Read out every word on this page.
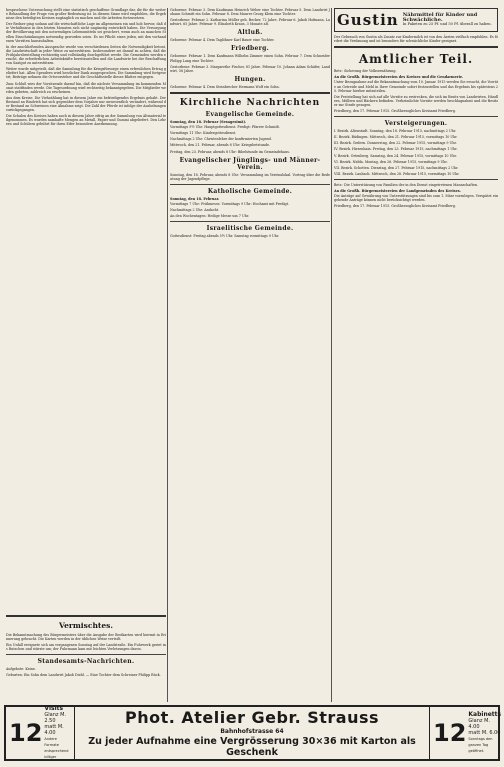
besprochene Untersuchung stellt eine statistisch geschaffene Grundlage dar, die für die weitere Behandlung der Frage von großer Bedeutung ist. In diesem Sinne wird empfohlen, die Ergebnisse den beteiligten Kreisen zugänglich zu machen und die Arbeiten fortzusetzen.

Der Redner ging sodann auf die wirtschaftliche Lage im allgemeinen ein und hob hervor, daß die Verhältnisse in den letzten Monaten sich nicht ungünstig entwickelt haben. Die Versorgung der Bevölkerung mit den notwendigen Lebensmitteln sei gesichert, wenn auch an manchen Stellen Einschränkungen notwendig geworden seien. Es sei Pflicht eines jeden, mit den vorhandenen Vorräten hauszuhalten.

In der anschließenden Aussprache wurde von verschiedenen Seiten die Notwendigkeit betont, die Landwirtschaft in jeder Weise zu unterstützen. Insbesondere sei darauf zu achten, daß die Frühjahrsbestellung rechtzeitig und vollständig durchgeführt werde. Die Gemeinden werden ersucht, die erforderlichen Arbeitskräfte bereitzustellen und die Landwirte bei der Beschaffung von Saatgut zu unterstützen.

Weiter wurde mitgeteilt, daß die Sammlung für die Kriegsfürsorge einen erfreulichen Ertrag geliefert hat. Allen Spendern wird herzlicher Dank ausgesprochen. Die Sammlung wird fortgesetzt; Beiträge nehmen die Ortsvorsteher und die Geschäftsstelle dieses Blattes entgegen.

Zum Schluß wies der Vorsitzende darauf hin, daß die nächste Versammlung im kommenden Monat stattfinden werde. Die Tagesordnung wird rechtzeitig bekanntgegeben. Die Mitglieder werden gebeten, zahlreich zu erscheinen.

Aus dem Kreise. Die Viehzählung hat in diesem Jahre ein befriedigendes Ergebnis gehabt. Der Bestand an Rindvieh hat sich gegenüber dem Vorjahre nur unwesentlich verändert, während der Bestand an Schweinen eine Abnahme zeigt. Die Zahl der Pferde ist infolge der Aushebungen zurückgegangen.

Die Schulen des Kreises haben auch in diesem Jahre eifrig an der Sammlung von Altmaterial teilgenommen. Es wurden namhafte Mengen an Metall, Papier und Gummi abgeliefert. Den Lehrern und Schülern gebührt für ihren Eifer besondere Anerkennung.

Vermischtes.

Die Bekanntmachung des Bürgermeisters über die Ausgabe der Brotkarten wird hiermit in Erinnerung gebracht. Die Karten werden in der üblichen Weise verteilt.

Ein Unfall ereignete sich am vergangenen Sonntag auf der Landstraße. Ein Fuhrwerk geriet ins Rutschen und stürzte um; der Fuhrmann kam mit leichten Verletzungen davon.

Standesamts-Nachrichten.

Aufgebote: Keine.

Geburten: Ein Sohn dem Landwirt Jakob Diehl. — Eine Tochter dem Schreiner Philipp Rück.

Geborene: Februar 3. Dem Kaufmann Heinrich Weber eine Tochter. Februar 5. Dem Landwirt Johann Schmitt ein Sohn. Februar 8. Dem Maurer Georg Klein eine Tochter.

Gestorbene: Februar 2. Katharina Müller geb. Becker, 72 Jahre. Februar 6. Jakob Hofmann, Landwirt, 65 Jahre. Februar 9. Elisabeth Kraus, 3 Monate alt.

Altluß.

Geborene: Februar 4. Dem Taglöhner Karl Bauer eine Tochter.

Friedberg.

Geborene: Februar 1. Dem Kaufmann Wilhelm Zimmer einen Sohn. Februar 7. Dem Schneider Philipp Lang eine Tochter.

Gestorbene: Februar 3. Margarethe Fischer, 81 Jahre. Februar 10. Johann Adam Schäfer, Landwirt, 58 Jahre.

Hungen.

Geborene: Februar 4. Dem Steinbrecher Hermann Wolf ein Sohn.

Kirchliche Nachrichten
Evangelische Gemeinde.

Sonntag, den 18. Februar (Sexagesimä).

Vormittags 9½ Uhr: Hauptgottesdienst. Predigt: Pfarrer Schmidt.

Vormittags 11 Uhr: Kindergottesdienst.

Nachmittags 2 Uhr: Christenlehre der konfirmierten Jugend.

Mittwoch, den 21. Februar, abends 8 Uhr: Kriegsbetstunde.

Freitag, den 23. Februar, abends 8 Uhr: Bibelstunde im Gemeindehaus.

Evangelischer Jünglings- und Männer-Verein.

Sonntag, den 18. Februar, abends 8 Uhr: Versammlung im Vereinslokal. Vortrag über die Bedeutung der Jugendpflege.

Katholische Gemeinde.

Sonntag, den 18. Februar.

Vormittags 7 Uhr: Frühmesse. Vormittags 9 Uhr: Hochamt mit Predigt.

Nachmittags 2 Uhr: Andacht.

An den Wochentagen: Heilige Messe um 7 Uhr.

Israelitische Gemeinde.

Gottesdienst: Freitag abends 5½ Uhr. Samstag vormittags 9 Uhr.

Gustin Nährmittel für Kinder und Schwächliche.
In Paketen zu 25 Pf. und 50 Pf. überall zu haben.

Der Gebrauch von Gustin als Zusatz zur Kindermilch ist von den Ärzten vielfach empfohlen. Es fördert die Verdauung und ist besonders für schwächliche Kinder geeignet.

Amtlicher Teil.

Betr.: Sicherung der Volksernährung.

An die Großh. Bürgermeistereien des Kreises und die Gendarmerie.

Unter Bezugnahme auf die Bekanntmachung vom 10. Januar 1915 werden Sie ersucht, die Vorräte an Getreide und Mehl in Ihrer Gemeinde sofort festzustellen und das Ergebnis bis spätestens 25. Februar hierher mitzuteilen.

Die Feststellung hat sich auf alle Vorräte zu erstrecken, die sich im Besitz von Landwirten, Händlern, Müllern und Bäckern befinden. Verheimlichte Vorräte werden beschlagnahmt und die Besitzer zur Strafe gezogen.

Friedberg, den 17. Februar 1915. Großherzogliches Kreisamt Friedberg.

Versteigerungen.

I. Bezirk. Altenstadt. Sonntag, den 18. Februar 1915, nachmittags 2 Uhr.

II. Bezirk. Büdingen. Mittwoch, den 21. Februar 1915, vormittags 10 Uhr.

III. Bezirk. Gedern. Donnerstag, den 22. Februar 1915, vormittags 9 Uhr.

IV. Bezirk. Hirzenhain. Freitag, den 23. Februar 1915, nachmittags 1 Uhr.

V. Bezirk. Ortenberg. Samstag, den 24. Februar 1915, vormittags 10 Uhr.

VI. Bezirk. Nidda. Montag, den 26. Februar 1915, vormittags 9 Uhr.

VII. Bezirk. Schotten. Dienstag, den 27. Februar 1915, nachmittags 2 Uhr.

VIII. Bezirk. Laubach. Mittwoch, den 28. Februar 1915, vormittags 10 Uhr.

Betr.: Die Unterstützung von Familien der in den Dienst eingetretenen Mannschaften.

An die Großh. Bürgermeistereien der Landgemeinden des Kreises.

Die Anträge auf Gewährung von Unterstützungen sind bis zum 1. März vorzulegen. Verspätet eingehende Anträge können nicht berücksichtigt werden.

Friedberg, den 17. Februar 1915. Großherzogliches Kreisamt Friedberg.

12
Visits
Glanz M. 2.50
matt M. 4.00
Andere Formate entsprechend billiger
Phot. Atelier Gebr. Strauss
Bahnhofstrasse 64
Zu jeder Aufnahme eine Vergrösserung 30×36 mit Karton als Geschenk
12
Kabinetts
Glanz M. 4.00
matt M. 6.00
Sonntags den ganzen Tag geöffnet.
